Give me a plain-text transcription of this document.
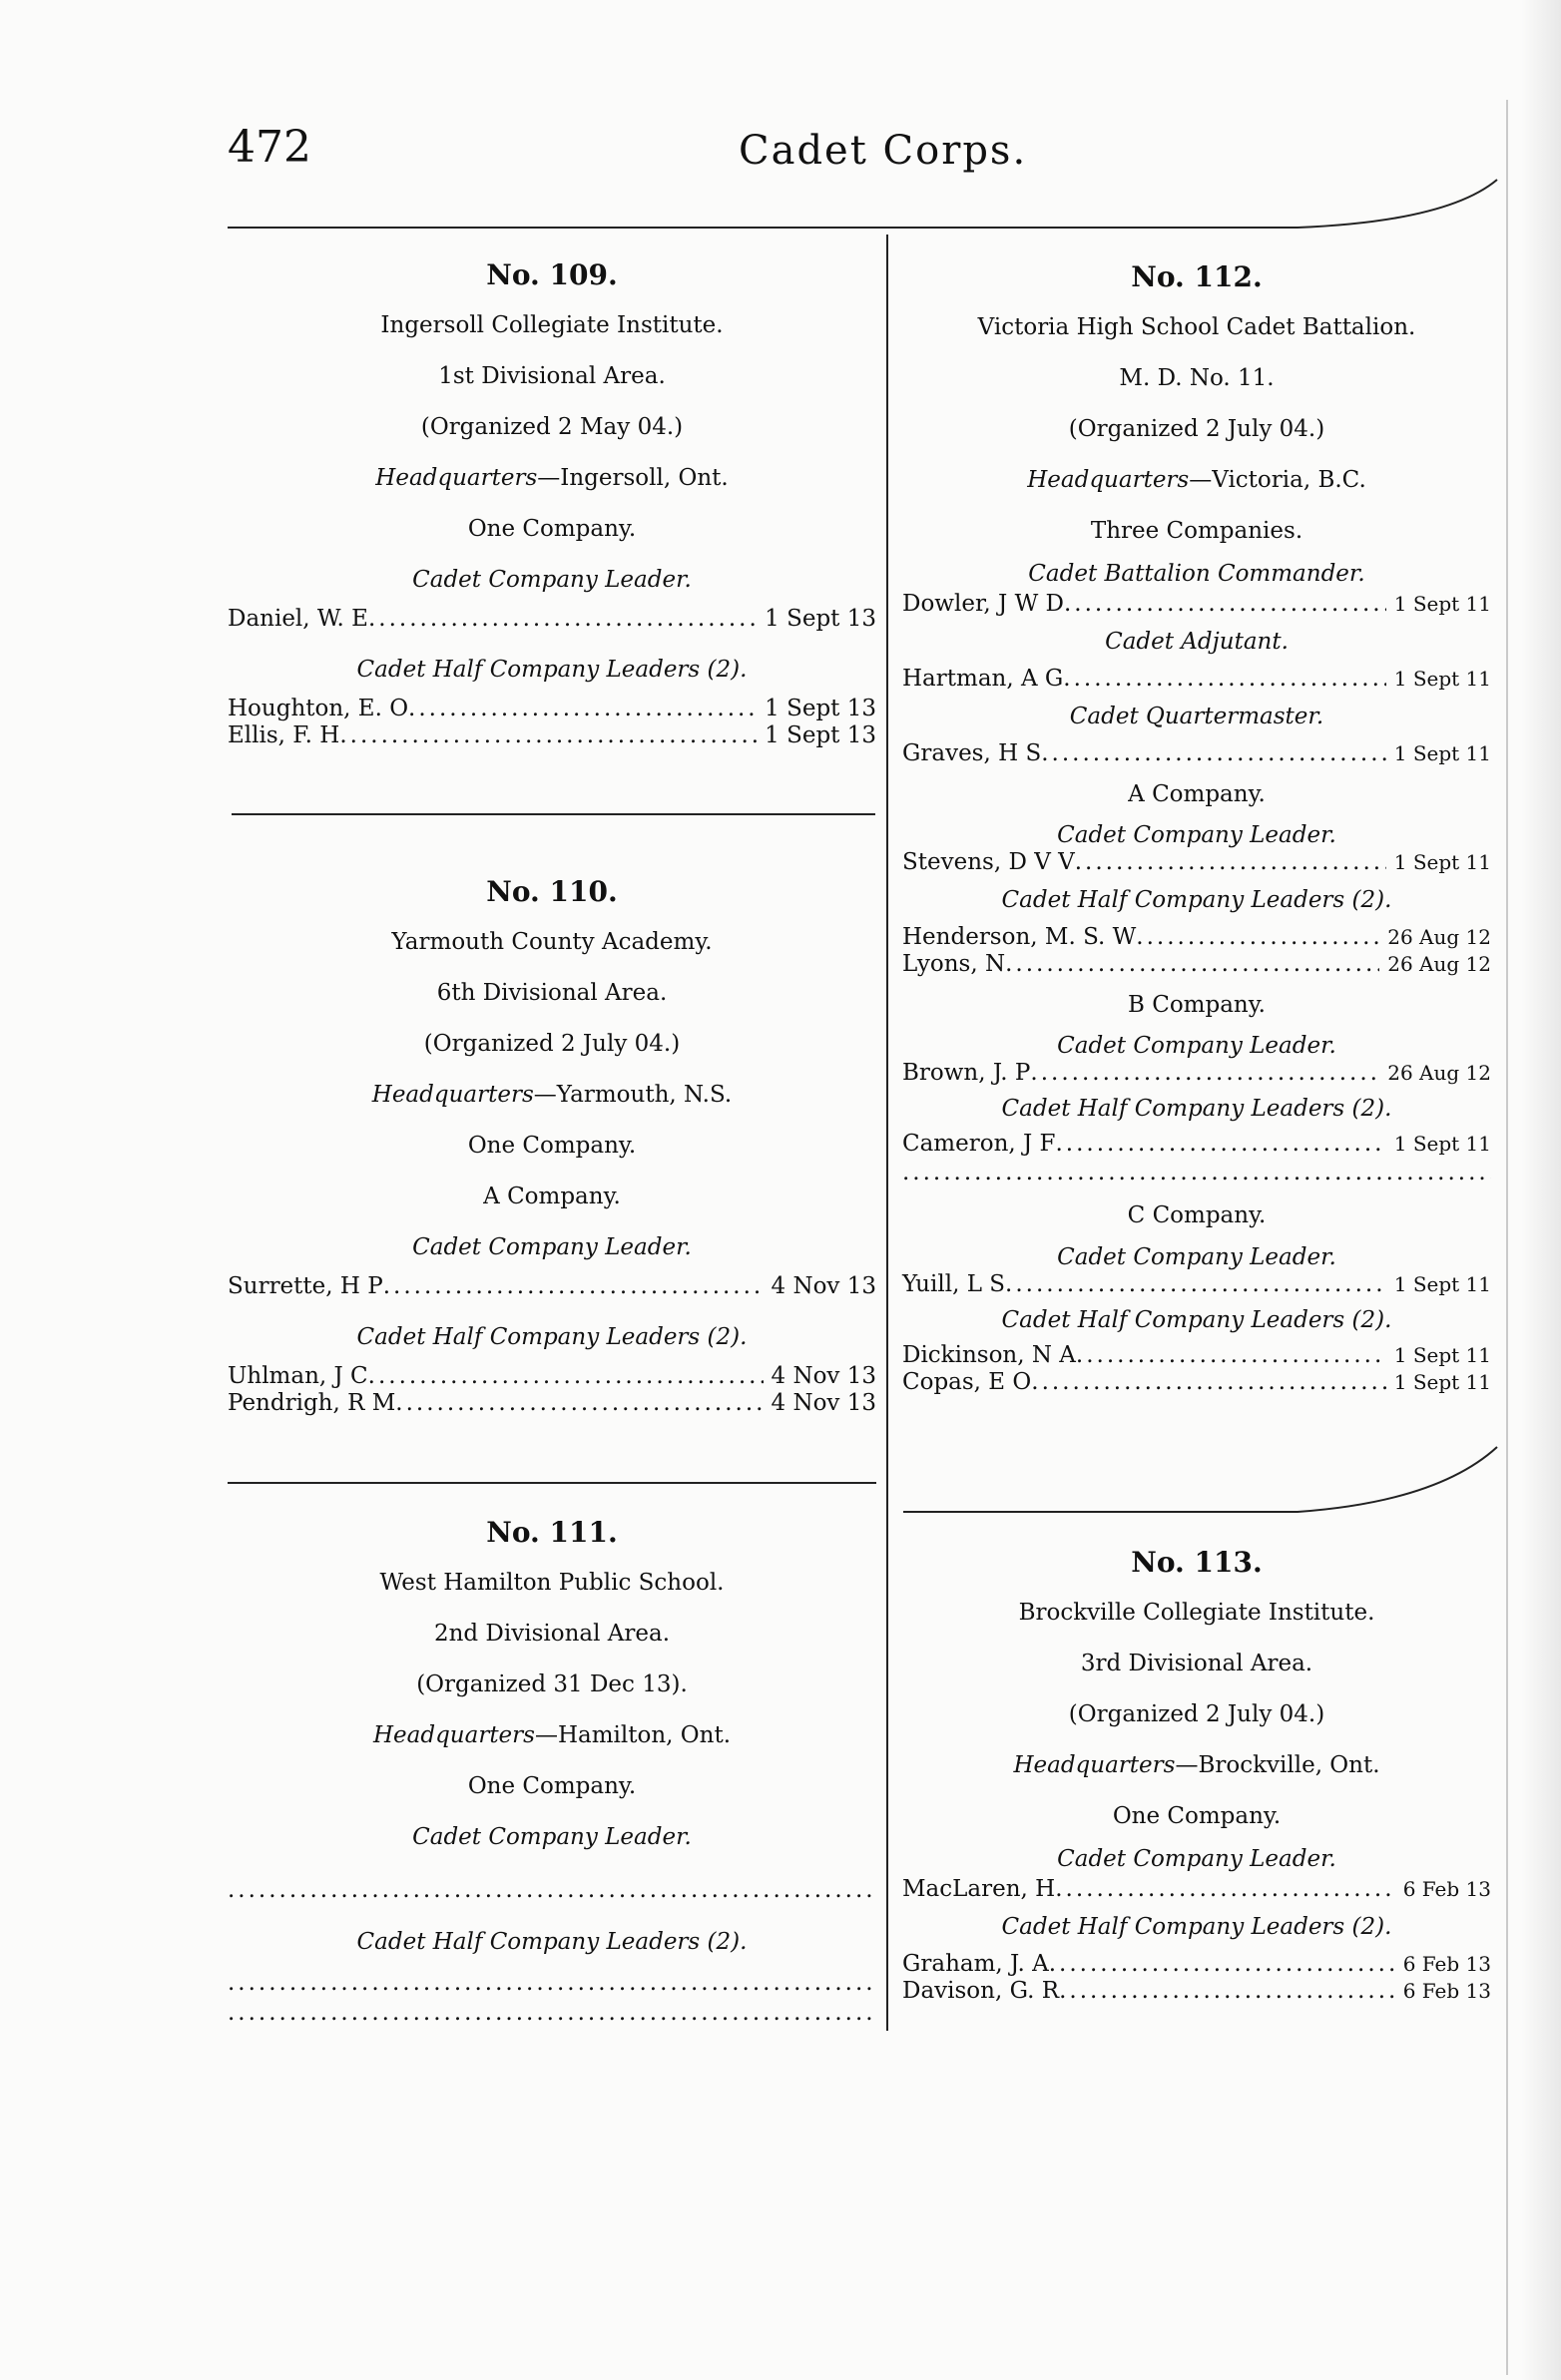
472	Cadet Corps.
No. 109.
Ingersoll Collegiate Institute.
1st Divisional Area.
(Organized 2 May 04.)
Headquarters—Ingersoll, Ont.
One Company.
Cadet Company Leader.
Daniel, W. E .....	1 Sept 13
Cadet Half Company Leaders (2).
Houghton, E. O .....	1 Sept 13
Ellis, F. H .....	1 Sept 13
No. 110.
Yarmouth County Academy.
6th Divisional Area.
(Organized 2 July 04.)
Headquarters—Yarmouth, N.S.
One Company.
A Company.
Cadet Company Leader.
Surrette, H P .....	4 Nov 13
Cadet Half Company Leaders (2).
Uhlman, J C .....	4 Nov 13
Pendrigh, R M .....	4 Nov 13
No. 111.
West Hamilton Public School.
2nd Divisional Area.
(Organized 31 Dec 13).
Headquarters—Hamilton, Ont.
One Company.
Cadet Company Leader.
.....
Cadet Half Company Leaders (2).
.....
.....
No. 112.
Victoria High School Cadet Battalion.
M. D. No. 11.
(Organized 2 July 04.)
Headquarters—Victoria, B.C.
Three Companies.
Cadet Battalion Commander.
Dowler, J W D .....	1 Sept 11
Cadet Adjutant.
Hartman, A G .....	1 Sept 11
Cadet Quartermaster.
Graves, H S .....	1 Sept 11
A Company.
Cadet Company Leader.
Stevens, D V V .....	1 Sept 11
Cadet Half Company Leaders (2).
Henderson, M. S. W .....	26 Aug 12
Lyons, N .....	26 Aug 12
B Company.
Cadet Company Leader.
Brown, J. P .....	26 Aug 12
Cadet Half Company Leaders (2).
Cameron, J F .....	1 Sept 11
.....
C Company.
Cadet Company Leader.
Yuill, L S .....	1 Sept 11
Cadet Half Company Leaders (2).
Dickinson, N A .....	1 Sept 11
Copas, E O .....	1 Sept 11
No. 113.
Brockville Collegiate Institute.
3rd Divisional Area.
(Organized 2 July 04.)
Headquarters—Brockville, Ont.
One Company.
Cadet Company Leader.
MacLaren, H .....	6 Feb 13
Cadet Half Company Leaders (2).
Graham, J. A .....	6 Feb 13
Davison, G. R .....	6 Feb 13
